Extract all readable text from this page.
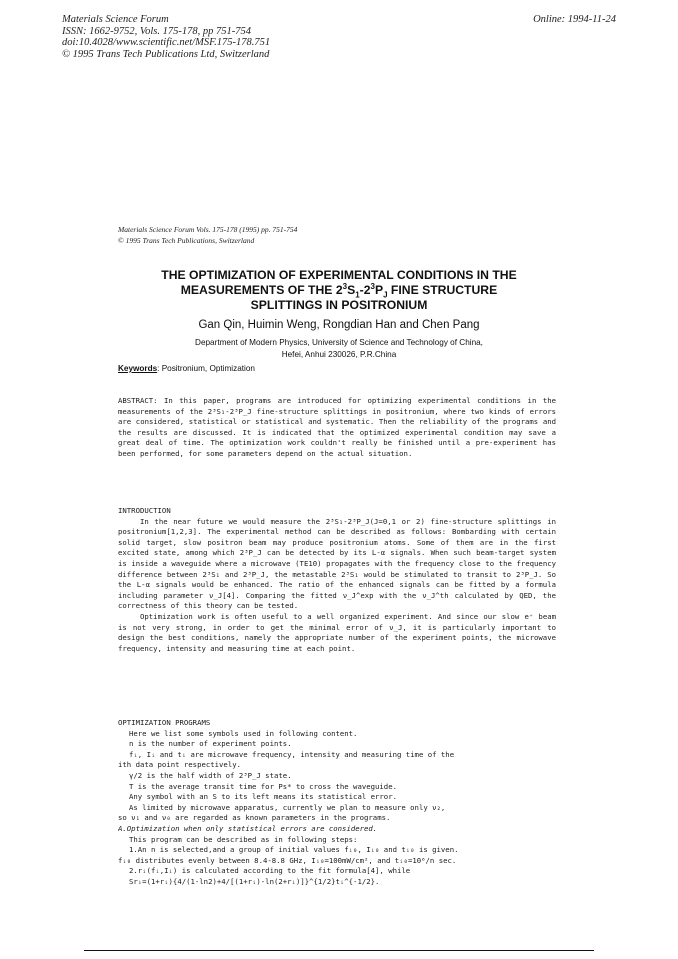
Materials Science Forum
ISSN: 1662-9752, Vols. 175-178, pp 751-754
doi:10.4028/www.scientific.net/MSF.175-178.751
© 1995 Trans Tech Publications Ltd, Switzerland
Online: 1994-11-24
Materials Science Forum Vols. 175-178 (1995) pp. 751-754
© 1995 Trans Tech Publications, Switzerland
THE OPTIMIZATION OF EXPERIMENTAL CONDITIONS IN THE
MEASUREMENTS OF THE $2^3S_1-2^3P_J$ FINE STRUCTURE
SPLITTINGS IN POSITRONIUM
Gan Qin, Huimin Weng, Rongdian Han and Chen Pang
Department of Modern Physics, University of Science and Technology of China,
Hefei, Anhui 230026, P.R.China
Keywords: Positronium, Optimization

ABSTRACT: In this paper, programs are introduced for optimizing experimental conditions in the measurements of the 2³S₁-2³P_J fine-structure splittings in positronium, where two kinds of errors are considered, statistical or statistical and systematic. Then the reliability of the programs and the results are discussed. It is indicated that the optimized experimental condition may save a great deal of time. The optimization work couldn't really be finished until a pre-experiment has been performed, for some parameters depend on the actual situation.

INTRODUCTION

In the near future we would measure the 2³S₁-2³P_J(J=0,1 or 2) fine-structure splittings in positronium[1,2,3]. The experimental method can be described as follows: Bombarding with certain solid target, slow positron beam may produce positronium atoms. Some of them are in the first excited state, among which 2³P_J can be detected by its L-α signals. When such beam-target system is inside a waveguide where a microwave (TE10) propagates with the frequency close to the frequency difference between 2³S₁ and 2³P_J, the metastable 2³S₁ would be stimulated to transit to 2³P_J. So the L-α signals would be enhanced. The ratio of the enhanced signals can be fitted by a formula including parameter ν_J[4]. Comparing the fitted ν_J^exp with the ν_J^th calculated by QED, the correctness of this theory can be tested.

Optimization work is often useful to a well organized experiment. And since our slow e⁺ beam is not very strong, in order to get the minimal error of ν_J, it is particularly important to design the best conditions, namely the appropriate number of the experiment points, the microwave frequency, intensity and measuring time at each point.

OPTIMIZATION PROGRAMS
Here we list some symbols used in following content.
n is the number of experiment points.
fᵢ, Iᵢ and tᵢ are microwave frequency, intensity and measuring time of the
ith data point respectively.
γ/2 is the half width of 2³P_J state.
T is the average transit time for Ps* to cross the waveguide.
Any symbol with an S to its left means its statistical error.
As limited by microwave apparatus, currently we plan to measure only ν₂,
so ν₁ and ν₀ are regarded as known parameters in the programs.
A.Optimization when only statistical errors are considered.
This program can be described as in following steps:
1.An n is selected,and a group of initial values fᵢ₀, Iᵢ₀ and tᵢ₀ is given.
fᵢ₀ distributes evenly between 8.4-8.8 GHz, Iᵢ₀=100mW/cm², and tᵢ₀=10⁶/n sec.
2.rᵢ(fᵢ,Iᵢ) is calculated according to the fit formula[4], while
Srᵢ=(1+rᵢ){4/(1-ln2)+4/[(1+rᵢ)-ln(2+rᵢ)]}^{1/2}tᵢ^{-1/2}.
